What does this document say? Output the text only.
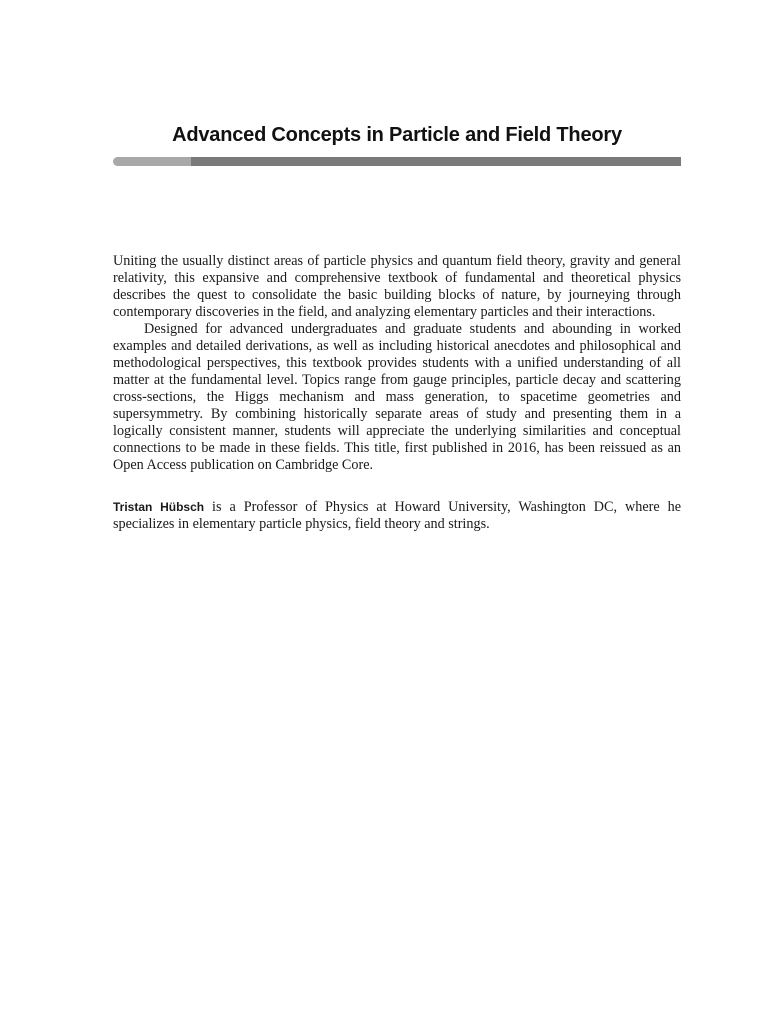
Advanced Concepts in Particle and Field Theory

Uniting the usually distinct areas of particle physics and quantum field theory, gravity and general relativity, this expansive and comprehensive textbook of fundamental and theoretical physics describes the quest to consolidate the basic building blocks of nature, by journeying through contemporary discoveries in the field, and analyzing elementary particles and their interactions.

Designed for advanced undergraduates and graduate students and abounding in worked examples and detailed derivations, as well as including historical anecdotes and philosophical and methodological perspectives, this textbook provides students with a unified understanding of all matter at the fundamental level. Topics range from gauge principles, particle decay and scattering cross-sections, the Higgs mechanism and mass generation, to spacetime geometries and supersymmetry. By combining historically separate areas of study and presenting them in a logically consistent manner, students will appreciate the underlying similarities and conceptual connections to be made in these fields. This title, first published in 2016, has been reissued as an Open Access publication on Cambridge Core.

Tristan Hübsch is a Professor of Physics at Howard University, Washington DC, where he specializes in elementary particle physics, field theory and strings.
